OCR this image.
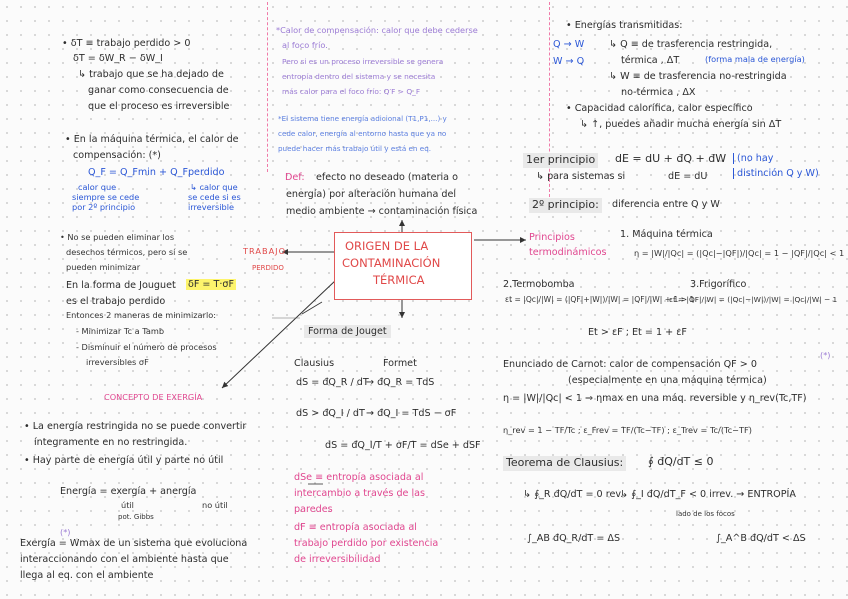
• δT ≡ trabajo perdido > 0
δT = δW_R − δW_I
↳ trabajo que se ha dejado de
ganar como consecuencia de
que el proceso es irreversible
• En la máquina térmica, el calor de
compensación: (*)
Q_F = Q_Fmin + Q_Fperdido
calor que
siempre se cede
por 2º principio
↳ calor que
se cede si es
irreversible
• No se pueden eliminar los
desechos térmicos, pero sí se
pueden minimizar
En la forma de Jouguet δF = T·σF
es el trabajo perdido
Entonces 2 maneras de minimizarlo:
- Minimizar Tc a Tamb
- Disminuir el número de procesos
irreversibles σF
TRABAJO
PERDIDO
CONCEPTO DE EXERGÍA
• La energía restringida no se puede convertir
íntegramente en no restringida.
• Hay parte de energía útil y parte no útil
Energía = exergía + anergía
útil	no útil
pot. Gibbs
(*)
Exergía = Wmax de un sistema que evoluciona
interaccionando con el ambiente hasta que
llega al eq. con el ambiente
*Calor de compensación: calor que debe cederse
al foco frío.
Pero si es un proceso irreversible se genera
entropía dentro del sistema y se necesita
más calor para el foco frío: Q′F > Q_F
*El sistema tiene energía adicional (T1,P1,...) y
cede calor, energía al entorno hasta que ya no
puede hacer más trabajo útil y está en eq.
Def: efecto no deseado (materia o
energía) por alteración humana del
medio ambiente → contaminación física
ORIGEN DE LA
CONTAMINACIÓN
TÉRMICA
Forma de Jouget
Clausius	Formet
dS = đQ_R / dT
→ đQ_R = TdS
dS > đQ_I / dT → đQ_I = TdS − σF
dS = đQ_I/T + σF/T = dSe + dSF
dSe ≡ entropía asociada al
intercambio a través de las
paredes
dF ≡ entropía asociada al
trabajo perdido por existencia
de irreversibilidad
• Energías transmitidas:
Q → W
W → Q
↳ Q ≡ de trasferencia restringida,
térmica , ΔT	(forma mala de energía)
↳ W ≡ de trasferencia no-restringida
no-térmica , ΔX
• Capacidad calorífica, calor específico
↳ ↑, puedes añadir mucha energía sin ΔT
1er principio dE = dU + đQ + đW
↳ para sistemas si	dE = dU
(no hay
distinción Q y W)
2º principio:	diferencia entre Q y W
Principios
termodinámicos
1. Máquina térmica
η = |W|/|Qc| = (|Qc|−|QF|)/|Qc| = 1 − |QF|/|Qc| < 1
2.Termobomba
εt = |Qc|/|W| = (|QF|+|W|)/|W| = |QF|/|W| + 1 > 1
3.Frigorífico
εf = |QF|/|W| = (|Qc|−|W|)/|W| = |Qc|/|W| − 1
Et > εF ; Et = 1 + εF
Enunciado de Carnot: calor de compensación QF > 0
(*)
(especialmente en una máquina térmica)
η = |W|/|Qc| < 1 ⇒ ηmax en una máq. reversible y η_rev(Tc,TF)
η_rev = 1 − TF/Tc ; ε_Frev = TF/(Tc−TF) ; ε_Trev = Tc/(Tc−TF)
Teorema de Clausius: ∮ đQ/dT ≤ 0
↳ ∮_R đQ/dT = 0 rev.
↳ ∮_I đQ/dT_F < 0 irrev. → ENTROPÍA
lado de los focos
∫_AB đQ_R/dT = ΔS	∫_A^B đQ/dT < ΔS
